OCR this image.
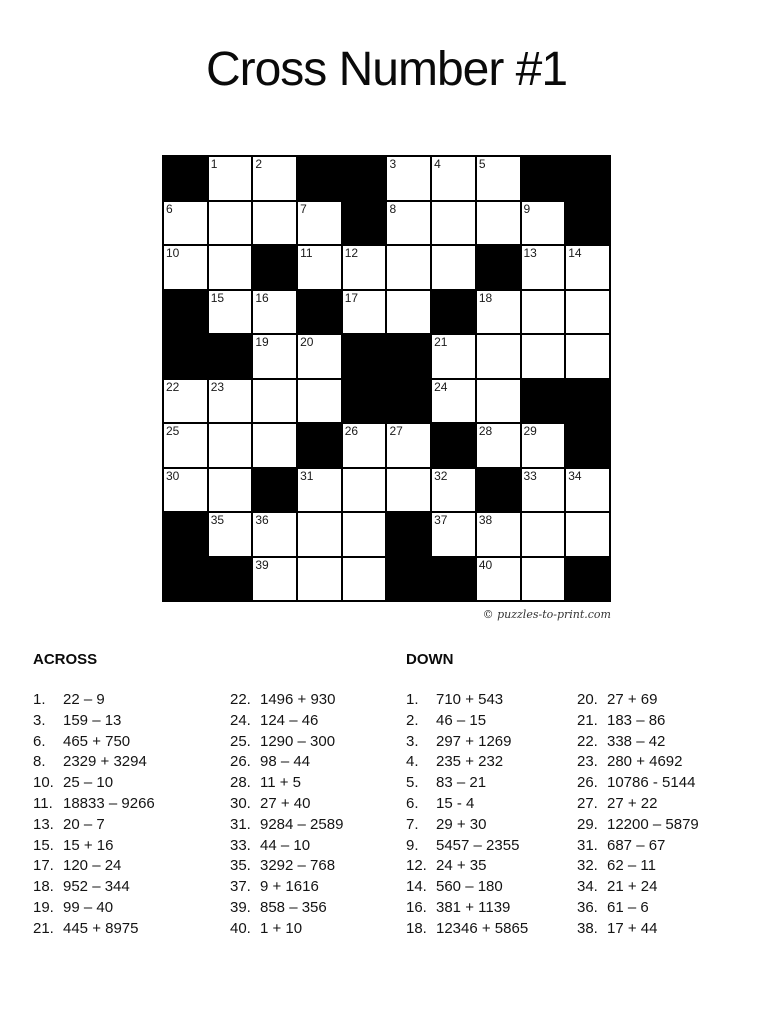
Cross Number #1
1	2	3	4	5
6	7	8	9
10	11	12	13	14
15	16	17	18
19	20	21
22	23	24
25	26	27	28	29
30	31	32	33	34
35	36	37	38
39	40
© puzzles-to-print.com
ACROSS	DOWN
1. 22 – 9
3. 159 – 13
6. 465 + 750
8. 2329 + 3294
10. 25 – 10
11. 18833 – 9266
13. 20 – 7
15. 15 + 16
17. 120 – 24
18. 952 – 344
19. 99 – 40
21. 445 + 8975
22. 1496 + 930
24. 124 – 46
25. 1290 – 300
26. 98 – 44
28. 11 + 5
30. 27 + 40
31. 9284 – 2589
33. 44 – 10
35. 3292 – 768
37. 9 + 1616
39. 858 – 356
40. 1 + 10
1. 710 + 543
2. 46 – 15
3. 297 + 1269
4. 235 + 232
5. 83 – 21
6. 15 - 4
7. 29 + 30
9. 5457 – 2355
12. 24 + 35
14. 560 – 180
16. 381 + 1139
18. 12346 + 5865
20. 27 + 69
21. 183 – 86
22. 338 – 42
23. 280 + 4692
26. 10786 - 5144
27. 27 + 22
29. 12200 – 5879
31. 687 – 67
32. 62 – 11
34. 21 + 24
36. 61 – 6
38. 17 + 44
